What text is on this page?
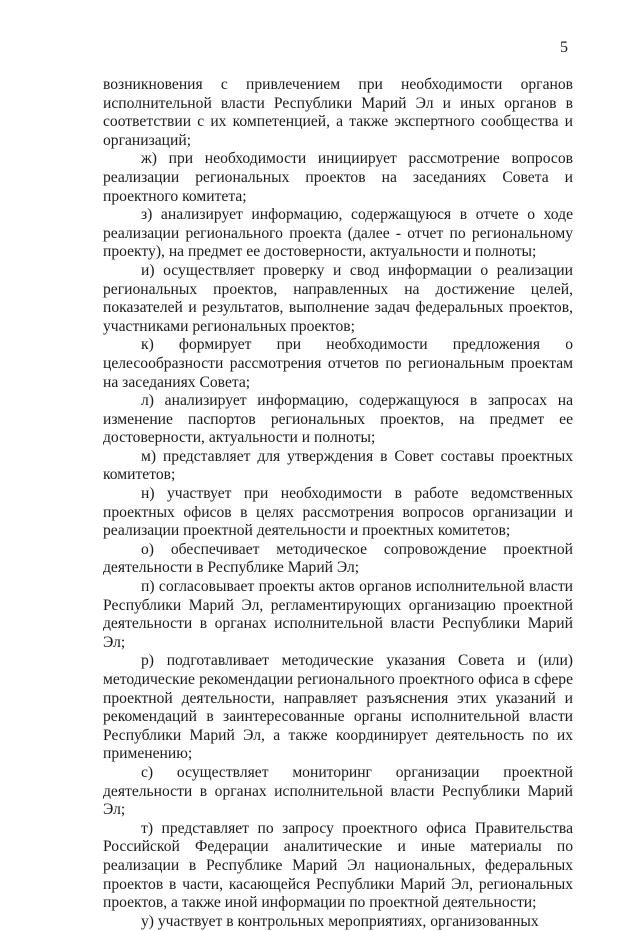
5

возникновения с привлечением при необходимости органов исполнительной власти Республики Марий Эл и иных органов в соответствии с их компетенцией, а также экспертного сообщества и организаций;

ж) при необходимости инициирует рассмотрение вопросов реализации региональных проектов на заседаниях Совета и проектного комитета;

з) анализирует информацию, содержащуюся в отчете о ходе реализации регионального проекта (далее - отчет по региональному проекту), на предмет ее достоверности, актуальности и полноты;

и) осуществляет проверку и свод информации о реализации региональных проектов, направленных на достижение целей, показателей и результатов, выполнение задач федеральных проектов, участниками региональных проектов;

к) формирует при необходимости предложения о целесообразности рассмотрения отчетов по региональным проектам на заседаниях Совета;

л) анализирует информацию, содержащуюся в запросах на изменение паспортов региональных проектов, на предмет ее достоверности, актуальности и полноты;

м) представляет для утверждения в Совет составы проектных комитетов;

н) участвует при необходимости в работе ведомственных проектных офисов в целях рассмотрения вопросов организации и реализации проектной деятельности и проектных комитетов;

о) обеспечивает методическое сопровождение проектной деятельности в Республике Марий Эл;

п) согласовывает проекты актов органов исполнительной власти Республики Марий Эл, регламентирующих организацию проектной деятельности в органах исполнительной власти Республики Марий Эл;

р) подготавливает методические указания Совета и (или) методические рекомендации регионального проектного офиса в сфере проектной деятельности, направляет разъяснения этих указаний и рекомендаций в заинтересованные органы исполнительной власти Республики Марий Эл, а также координирует деятельность по их применению;

с) осуществляет мониторинг организации проектной деятельности в органах исполнительной власти Республики Марий Эл;

т) представляет по запросу проектного офиса Правительства Российской Федерации аналитические и иные материалы по реализации в Республике Марий Эл национальных, федеральных проектов в части, касающейся Республики Марий Эл, региональных проектов, а также иной информации по проектной деятельности;

у) участвует в контрольных мероприятиях, организованных
